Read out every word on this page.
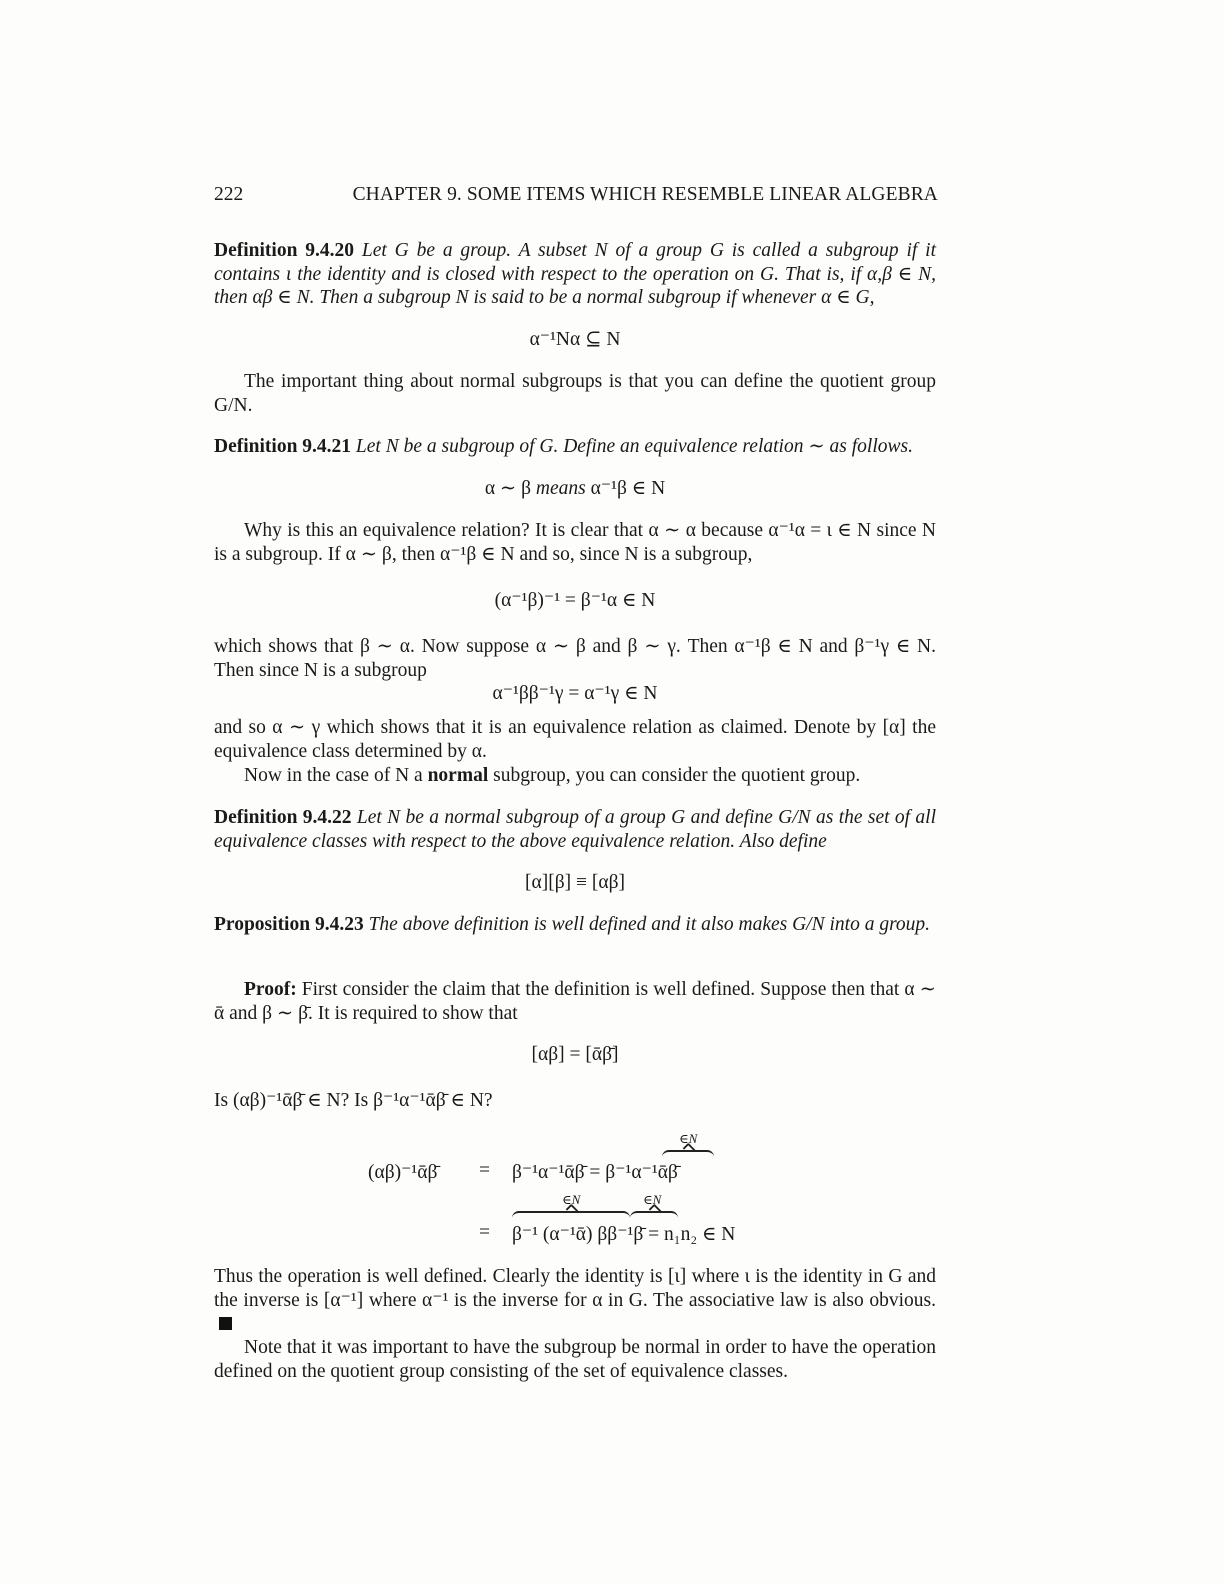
222	CHAPTER 9. SOME ITEMS WHICH RESEMBLE LINEAR ALGEBRA
Definition 9.4.20 Let G be a group. A subset N of a group G is called a subgroup if it contains ι the identity and is closed with respect to the operation on G. That is, if α,β ∈ N, then αβ ∈ N. Then a subgroup N is said to be a normal subgroup if whenever α ∈ G,
α⁻¹Nα ⊆ N
The important thing about normal subgroups is that you can define the quotient group G/N.
Definition 9.4.21 Let N be a subgroup of G. Define an equivalence relation ∼ as follows.
α ∼ β means α⁻¹β ∈ N
Why is this an equivalence relation? It is clear that α ∼ α because α⁻¹α = ι ∈ N since N is a subgroup. If α ∼ β, then α⁻¹β ∈ N and so, since N is a subgroup,
(α⁻¹β)⁻¹ = β⁻¹α ∈ N
which shows that β ∼ α. Now suppose α ∼ β and β ∼ γ. Then α⁻¹β ∈ N and β⁻¹γ ∈ N. Then since N is a subgroup
α⁻¹ββ⁻¹γ = α⁻¹γ ∈ N
and so α ∼ γ which shows that it is an equivalence relation as claimed. Denote by [α] the equivalence class determined by α.
Now in the case of N a normal subgroup, you can consider the quotient group.
Definition 9.4.22 Let N be a normal subgroup of a group G and define G/N as the set of all equivalence classes with respect to the above equivalence relation. Also define
[α][β] ≡ [αβ]
Proposition 9.4.23 The above definition is well defined and it also makes G/N into a group.
Proof: First consider the claim that the definition is well defined. Suppose then that α ∼ ᾱ and β ∼ β̄. It is required to show that
[αβ] = [ᾱβ̄]
Is (αβ)⁻¹ᾱβ̄ ∈ N? Is β⁻¹α⁻¹ᾱβ̄ ∈ N?
∈N
(αβ)⁻¹ᾱβ̄ = β⁻¹α⁻¹ᾱβ̄ = β⁻¹α⁻¹ᾱβ̄
∈N	∈N
= β⁻¹ (α⁻¹ᾱ) ββ⁻¹β̄ = n₁n₂ ∈ N
Thus the operation is well defined. Clearly the identity is [ι] where ι is the identity in G and the inverse is [α⁻¹] where α⁻¹ is the inverse for α in G. The associative law is also obvious.
Note that it was important to have the subgroup be normal in order to have the operation defined on the quotient group consisting of the set of equivalence classes.
